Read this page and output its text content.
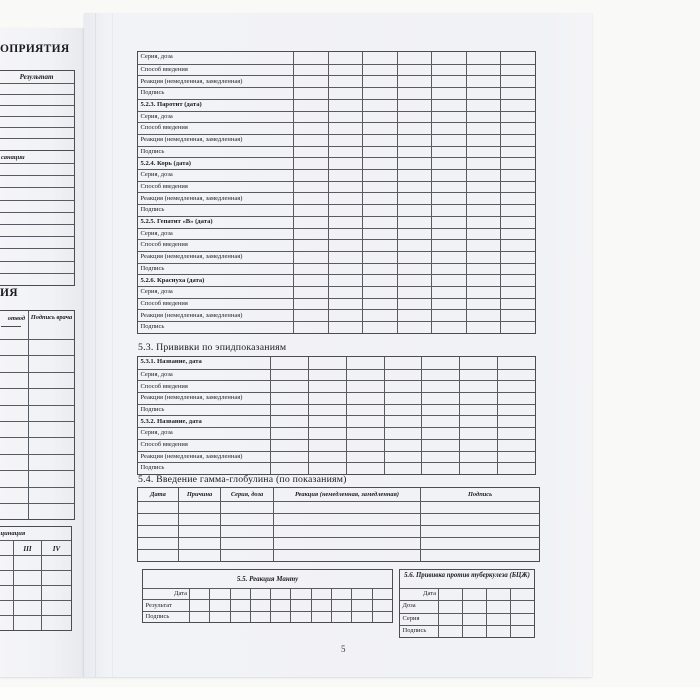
ОПРИЯТИЯ
Результат
санации
ИЯ
отвод Подпись врача
цинация
III	IV
Серия, доза
Способ введения
Реакция (немедленная, замедленная)
Подпись
5.2.3. Паротит (дата)
Серия, доза
Способ введения
Реакция (немедленная, замедленная)
Подпись
5.2.4. Корь (дата)
Серия, доза
Способ введения
Реакция (немедленная, замедленная)
Подпись
5.2.5. Гепатит «В» (дата)
Серия, доза
Способ введения
Реакция (немедленная, замедленная)
Подпись
5.2.6. Краснуха (дата)
Серия, доза
Способ введения
Реакция (немедленная, замедленная)
Подпись
5.3. Прививки по эпидпоказаниям
5.3.1. Название, дата
Серия, доза
Способ введения
Реакция (немедленная, замедленная)
Подпись
5.3.2. Название, дата
Серия, доза
Способ введения
Реакция (немедленная, замедленная)
Подпись
5.4. Введение гамма-глобулина (по показаниям)
Дата	Причина	Серия, доза	Реакция (немедленная, замедленная)	Подпись
5.5. Реакция Манту
Дата
Результат
Подпись
5.6. Прививка против туберкулеза (БЦЖ)
Дата
Доза
Серия
Подпись
5
